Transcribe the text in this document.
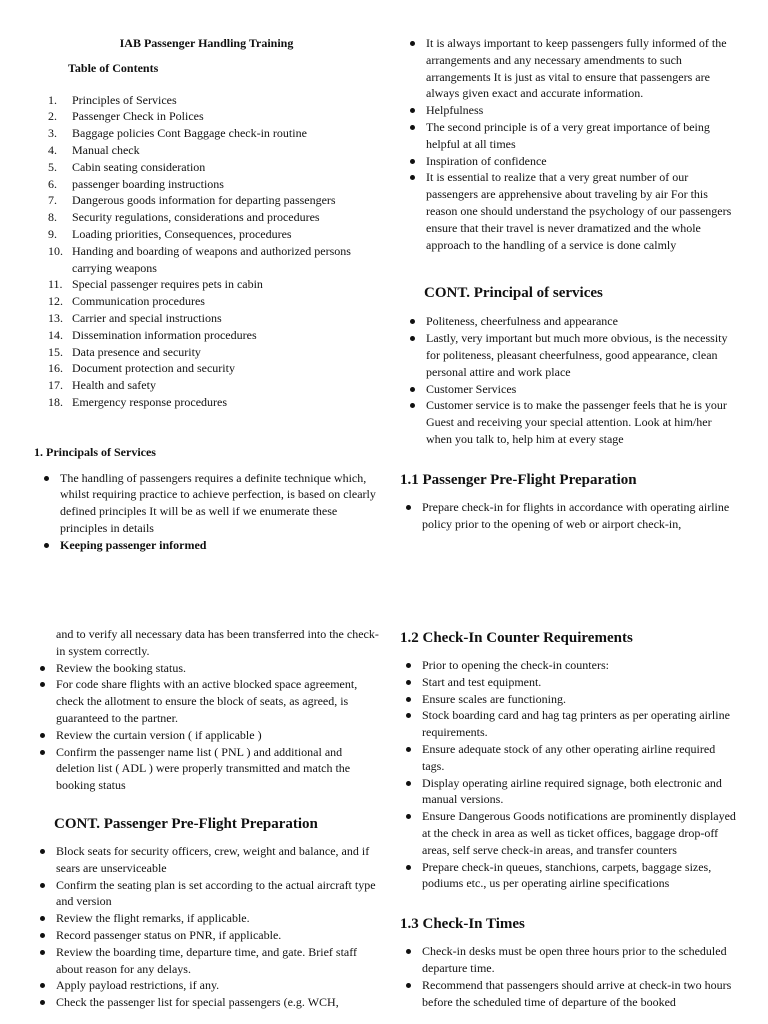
IAB Passenger Handling Training
Table of Contents
1. Principles of Services
2. Passenger Check in Polices
3. Baggage policies Cont Baggage check-in routine
4. Manual check
5. Cabin seating consideration
6. passenger boarding instructions
7. Dangerous goods information for departing passengers
8. Security regulations, considerations and procedures
9. Loading priorities, Consequences, procedures
10. Handing and boarding of weapons and authorized persons carrying weapons
11. Special passenger requires pets in cabin
12. Communication procedures
13. Carrier and special instructions
14. Dissemination information procedures
15. Data presence and security
16. Document protection and security
17. Health and safety
18. Emergency response procedures
1. Principals of Services
The handling of passengers requires a definite technique which, whilst requiring practice to achieve perfection, is based on clearly defined principles It will be as well if we enumerate these principles in details
Keeping passenger informed
It is always important to keep passengers fully informed of the arrangements and any necessary amendments to such arrangements It is just as vital to ensure that passengers are always given exact and accurate information.
Helpfulness
The second principle is of a very great importance of being helpful at all times
Inspiration of confidence
It is essential to realize that a very great number of our passengers are apprehensive about traveling by air For this reason one should understand the psychology of our passengers ensure that their travel is never dramatized and the whole approach to the handling of a service is done calmly
CONT. Principal of services
Politeness, cheerfulness and appearance
Lastly, very important but much more obvious, is the necessity for politeness, pleasant cheerfulness, good appearance, clean personal attire and work place
Customer Services
Customer service is to make the passenger feels that he is your Guest and receiving your special attention. Look at him/her when you talk to, help him at every stage
1.1 Passenger Pre-Flight Preparation
Prepare check-in for flights in accordance with operating airline policy prior to the opening of web or airport check-in,
and to verify all necessary data has been transferred into the check-in system correctly.
Review the booking status.
For code share flights with an active blocked space agreement, check the allotment to ensure the block of seats, as agreed, is guaranteed to the partner.
Review the curtain version ( if applicable )
Confirm the passenger name list ( PNL ) and additional and deletion list ( ADL ) were properly transmitted and match the booking status
CONT. Passenger Pre-Flight Preparation
Block seats for security officers, crew, weight and balance, and if sears are unserviceable
Confirm the seating plan is set according to the actual aircraft type and version
Review the flight remarks, if applicable.
Record passenger status on PNR, if applicable.
Review the boarding time, departure time, and gate. Brief staff about reason for any delays.
Apply payload restrictions, if any.
Check the passenger list for special passengers (e.g. WCH,
1.2 Check-In Counter Requirements
Prior to opening the check-in counters:
Start and test equipment.
Ensure scales are functioning.
Stock boarding card and hag tag printers as per operating airline requirements.
Ensure adequate stock of any other operating airline required tags.
Display operating airline required signage, both electronic and manual versions.
Ensure Dangerous Goods notifications are prominently displayed at the check in area as well as ticket offices, baggage drop-off areas, self serve check-in areas, and transfer counters
Prepare check-in queues, stanchions, carpets, baggage sizes, podiums etc., us per operating airline specifications
1.3 Check-In Times
Check-in desks must be open three hours prior to the scheduled departure time.
Recommend that passengers should arrive at check-in two hours before the scheduled time of departure of the booked
